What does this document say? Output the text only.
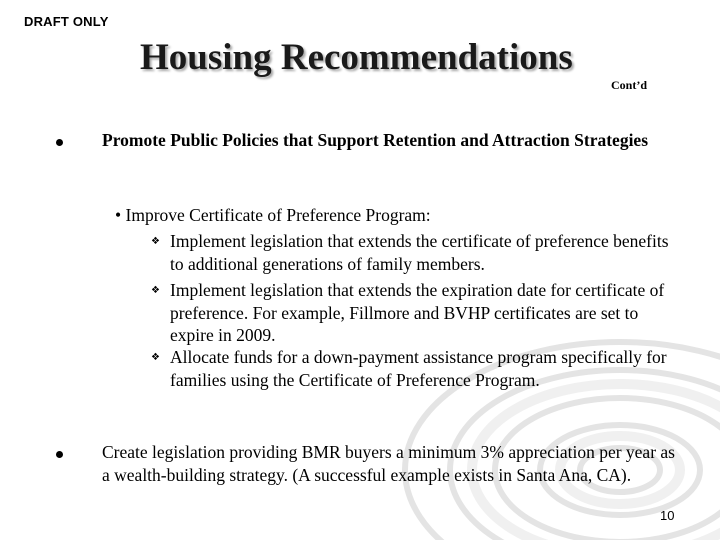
DRAFT ONLY
Housing Recommendations
Cont’d
Promote Public Policies that Support Retention and Attraction Strategies
• Improve Certificate of Preference Program:
❖ Implement legislation that extends the certificate of preference benefits to additional generations of family members.
❖ Implement legislation that extends the expiration date for certificate of preference. For example, Fillmore and BVHP certificates are set to expire in 2009.
❖ Allocate funds for a down-payment assistance program specifically for families using the Certificate of Preference Program.
Create legislation providing BMR buyers a minimum 3% appreciation per year as a wealth-building strategy. (A successful example exists in Santa Ana, CA).
10
